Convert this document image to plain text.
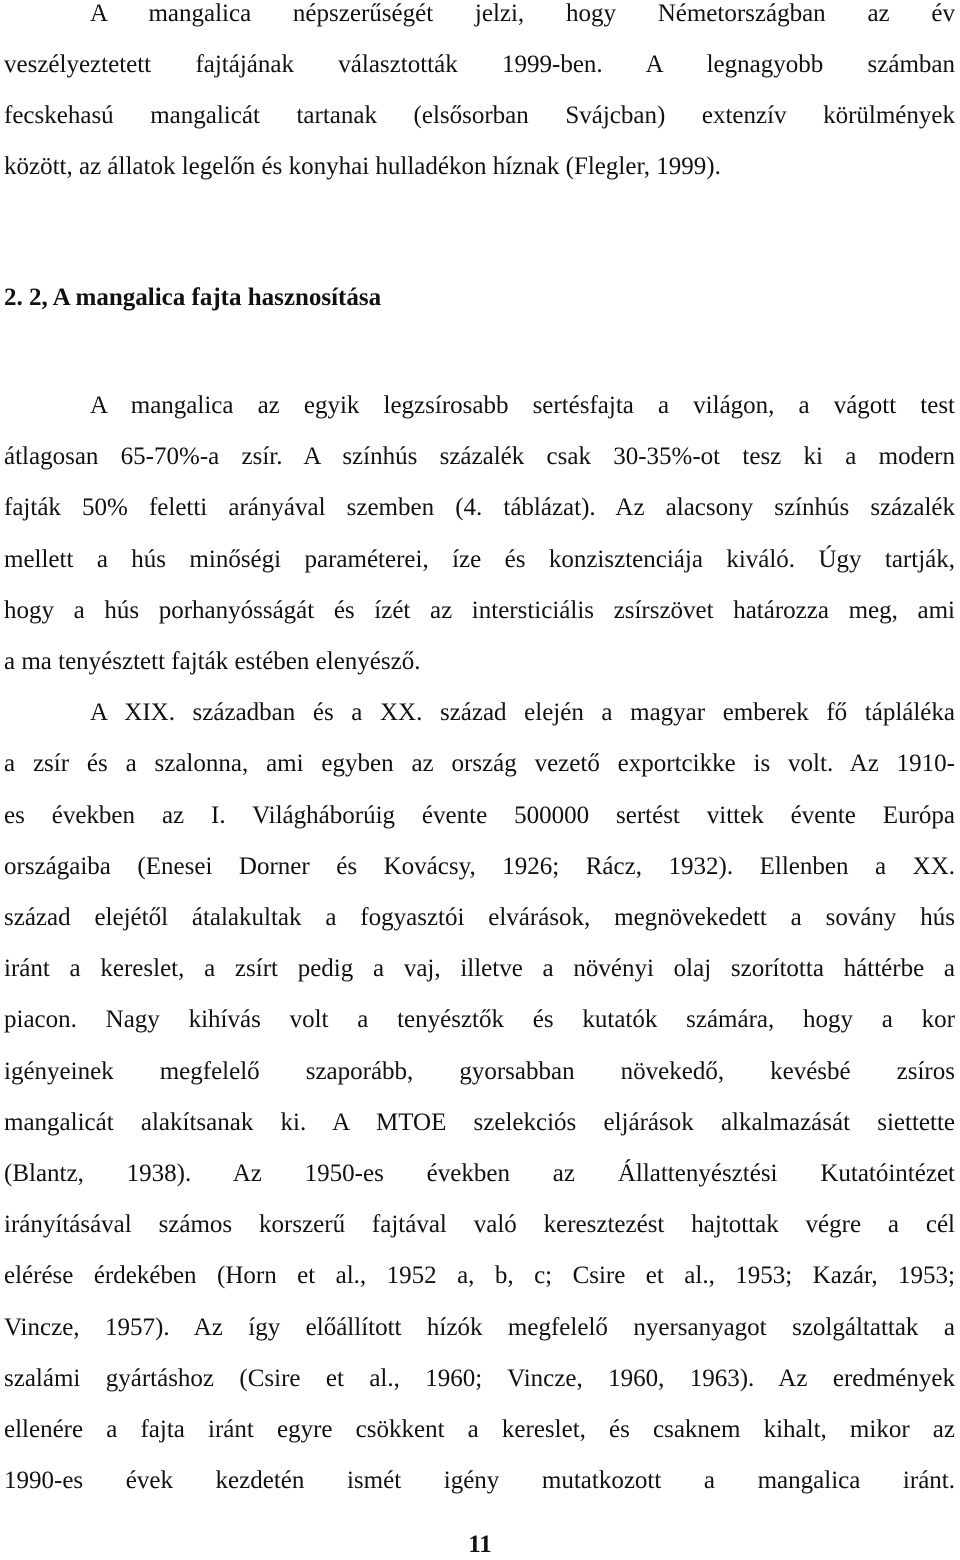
A mangalica népszerűségét jelzi, hogy Németországban az év
veszélyeztetett fajtájának választották 1999-ben. A legnagyobb számban
fecskehasú mangalicát tartanak (elsősorban Svájcban) extenzív körülmények
között, az állatok legelőn és konyhai hulladékon híznak (Flegler, 1999).
2. 2, A mangalica fajta hasznosítása
A mangalica az egyik legzsírosabb sertésfajta a világon, a vágott test
átlagosan 65-70%-a zsír. A színhús százalék csak 30-35%-ot tesz ki a modern
fajták 50% feletti arányával szemben (4. táblázat). Az alacsony színhús százalék
mellett a hús minőségi paraméterei, íze és konzisztenciája kiváló. Úgy tartják,
hogy a hús porhanyósságát és ízét az intersticiális zsírszövet határozza meg, ami
a ma tenyésztett fajták estében elenyésző.
A XIX. században és a XX. század elején a magyar emberek fő tápláléka
a zsír és a szalonna, ami egyben az ország vezető exportcikke is volt. Az 1910-
es években az I. Világháborúig évente 500000 sertést vittek évente Európa
országaiba (Enesei Dorner és Kovácsy, 1926; Rácz, 1932). Ellenben a XX.
század elejétől átalakultak a fogyasztói elvárások, megnövekedett a sovány hús
iránt a kereslet, a zsírt pedig a vaj, illetve a növényi olaj szorította háttérbe a
piacon. Nagy kihívás volt a tenyésztők és kutatók számára, hogy a kor
igényeinek megfelelő szaporább, gyorsabban növekedő, kevésbé zsíros
mangalicát alakítsanak ki. A MTOE szelekciós eljárások alkalmazását siettette
(Blantz, 1938). Az 1950-es években az Állattenyésztési Kutatóintézet
irányításával számos korszerű fajtával való keresztezést hajtottak végre a cél
elérése érdekében (Horn et al., 1952 a, b, c; Csire et al., 1953; Kazár, 1953;
Vincze, 1957). Az így előállított hízók megfelelő nyersanyagot szolgáltattak a
szalámi gyártáshoz (Csire et al., 1960; Vincze, 1960, 1963). Az eredmények
ellenére a fajta iránt egyre csökkent a kereslet, és csaknem kihalt, mikor az
1990-es évek kezdetén ismét igény mutatkozott a mangalica iránt.
11
